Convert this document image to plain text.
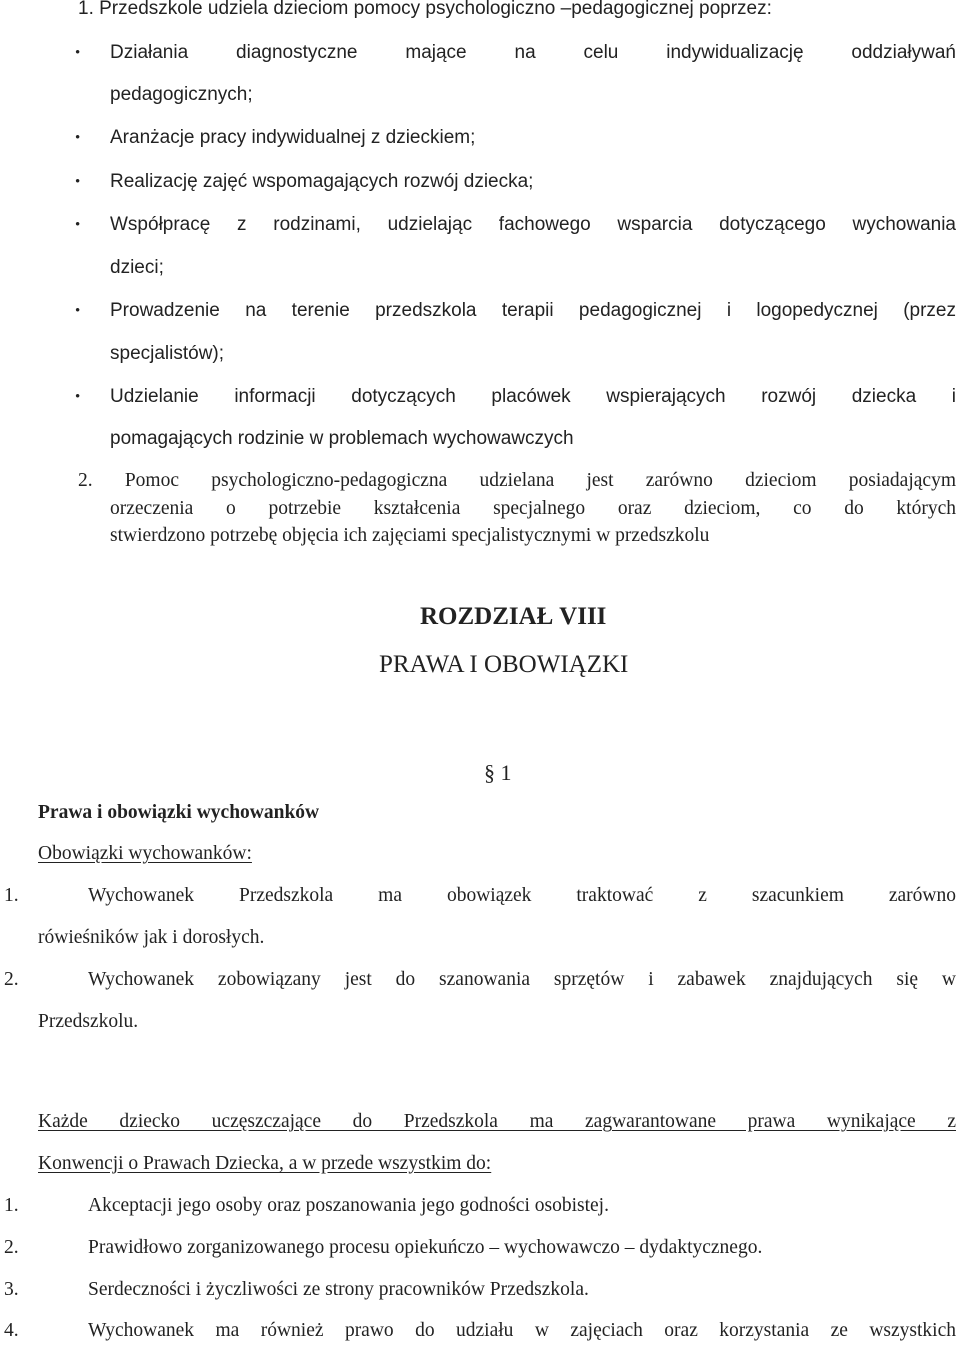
1. Przedszkole udziela dzieciom pomocy psychologiczno –pedagogicznej poprzez:
• Działania diagnostyczne mające na celu indywidualizację oddziaływań
pedagogicznych;
• Aranżacje pracy indywidualnej z dzieckiem;
• Realizację zajęć wspomagających rozwój dziecka;
• Współpracę z rodzinami, udzielając fachowego wsparcia dotyczącego wychowania
dzieci;
• Prowadzenie na terenie przedszkola terapii pedagogicznej i logopedycznej (przez
specjalistów);
• Udzielanie informacji dotyczących placówek wspierających rozwój dziecka i
pomagających rodzinie w problemach wychowawczych
2. Pomoc psychologiczno-pedagogiczna udzielana jest zarówno dzieciom posiadającym
orzeczenia o potrzebie kształcenia specjalnego oraz dzieciom, co do których
stwierdzono potrzebę objęcia ich zajęciami specjalistycznymi w przedszkolu
ROZDZIAŁ VIII
PRAWA I OBOWIĄZKI
§ 1
Prawa i obowiązki wychowanków
Obowiązki wychowanków:
1.	Wychowanek Przedszkola ma obowiązek traktować z szacunkiem zarówno
rówieśników jak i dorosłych.
2.	Wychowanek zobowiązany jest do szanowania sprzętów i zabawek znajdujących się w
Przedszkolu.
Każde dziecko uczęszczające do Przedszkola ma zagwarantowane prawa wynikające z
Konwencji o Prawach Dziecka, a w przede wszystkim do:
1.	Akceptacji jego osoby oraz poszanowania jego godności osobistej.
2.	Prawidłowo zorganizowanego procesu opiekuńczo – wychowawczo – dydaktycznego.
3.	Serdeczności i życzliwości ze strony pracowników Przedszkola.
4.	Wychowanek ma również prawo do udziału w zajęciach oraz korzystania ze wszystkich
